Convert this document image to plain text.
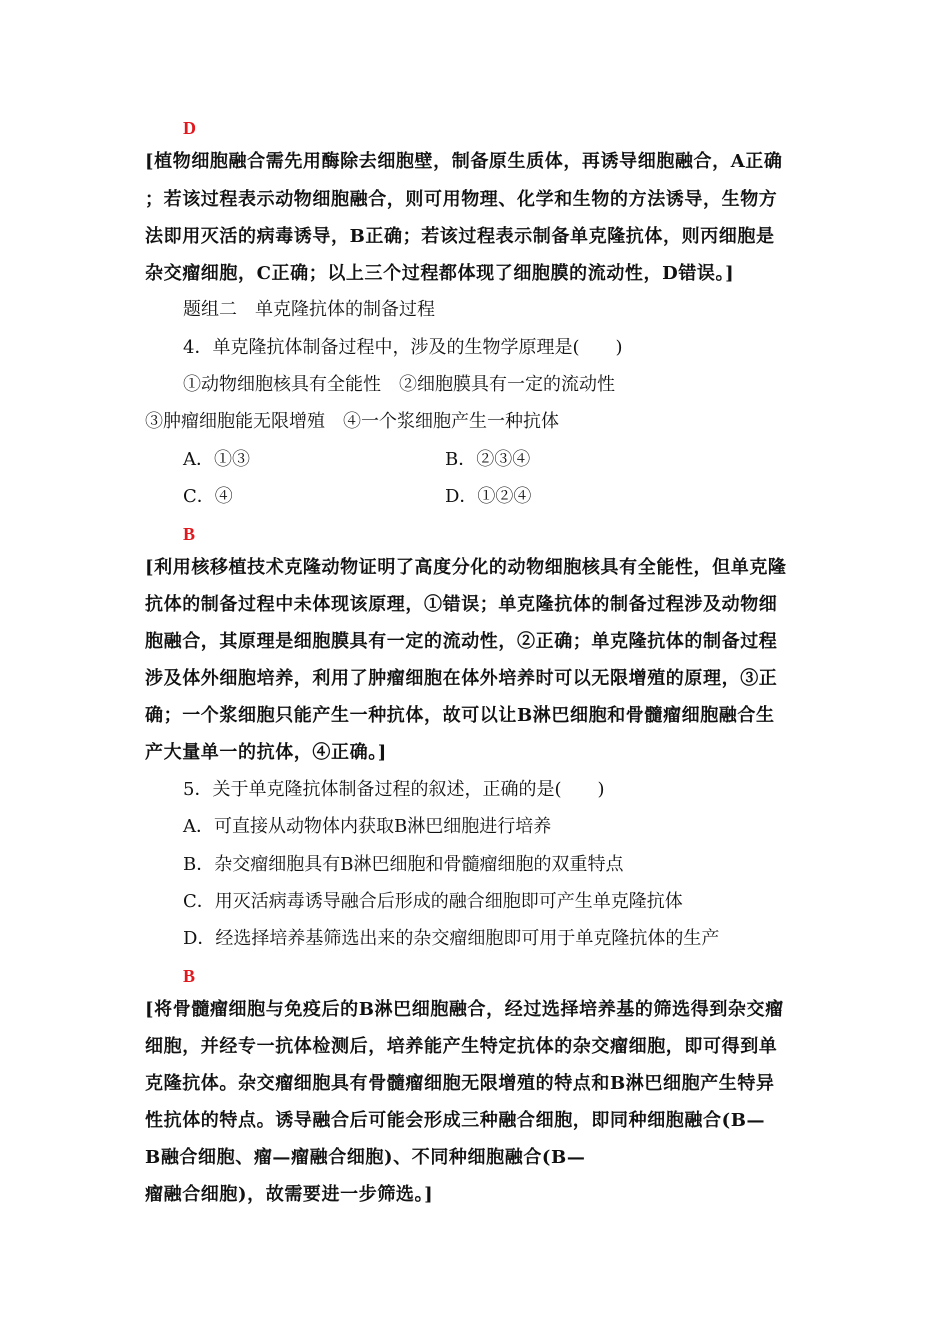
D
[植物细胞融合需先用酶除去细胞壁，制备原生质体，再诱导细胞融合，A正确
；若该过程表示动物细胞融合，则可用物理、化学和生物的方法诱导，生物方
法即用灭活的病毒诱导，B正确；若该过程表示制备单克隆抗体，则丙细胞是
杂交瘤细胞，C正确；以上三个过程都体现了细胞膜的流动性，D错误。]
题组二　单克隆抗体的制备过程
4．单克隆抗体制备过程中，涉及的生物学原理是(　　)
①动物细胞核具有全能性　②细胞膜具有一定的流动性
③肿瘤细胞能无限增殖　④一个浆细胞产生一种抗体
A．①③	B．②③④
C．④	D．①②④
B
[利用核移植技术克隆动物证明了高度分化的动物细胞核具有全能性，但单克隆
抗体的制备过程中未体现该原理，①错误；单克隆抗体的制备过程涉及动物细
胞融合，其原理是细胞膜具有一定的流动性，②正确；单克隆抗体的制备过程
涉及体外细胞培养，利用了肿瘤细胞在体外培养时可以无限增殖的原理，③正
确；一个浆细胞只能产生一种抗体，故可以让B淋巴细胞和骨髓瘤细胞融合生
产大量单一的抗体，④正确。]
5．关于单克隆抗体制备过程的叙述，正确的是(　　)
A．可直接从动物体内获取B淋巴细胞进行培养
B．杂交瘤细胞具有B淋巴细胞和骨髓瘤细胞的双重特点
C．用灭活病毒诱导融合后形成的融合细胞即可产生单克隆抗体
D．经选择培养基筛选出来的杂交瘤细胞即可用于单克隆抗体的生产
B
[将骨髓瘤细胞与免疫后的B淋巴细胞融合，经过选择培养基的筛选得到杂交瘤
细胞，并经专一抗体检测后，培养能产生特定抗体的杂交瘤细胞，即可得到单
克隆抗体。杂交瘤细胞具有骨髓瘤细胞无限增殖的特点和B淋巴细胞产生特异
性抗体的特点。诱导融合后可能会形成三种融合细胞，即同种细胞融合(B—
B融合细胞、瘤—瘤融合细胞)、不同种细胞融合(B—
瘤融合细胞)，故需要进一步筛选。]
